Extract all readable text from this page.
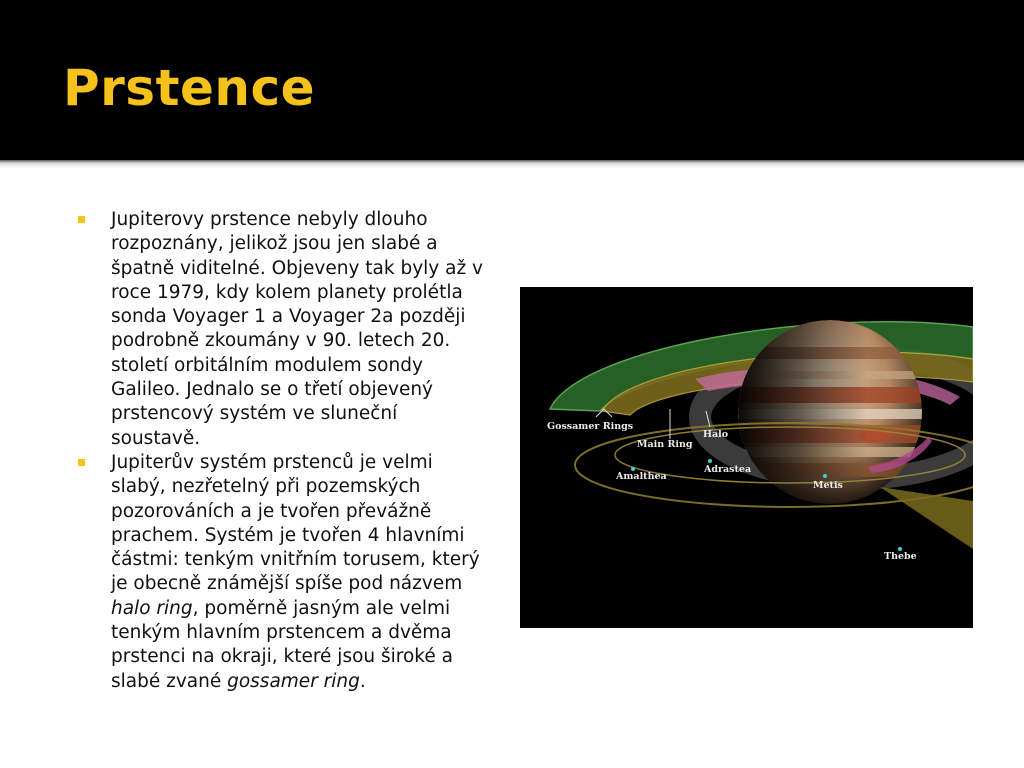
Prstence
Jupiterovy prstence nebyly dlouho rozpoznány, jelikož jsou jen slabé a špatně viditelné. Objeveny tak byly až v roce 1979, kdy kolem planety prolétla sonda Voyager 1 a Voyager 2a později podrobně zkoumány v 90. letech 20. století orbitálním modulem sondy Galileo. Jednalo se o třetí objevený prstencový systém ve sluneční soustavě.
Jupiterův systém prstenců je velmi slabý, nezřetelný při pozemských pozorováních a je tvořen převážně prachem. Systém je tvořen 4 hlavními částmi: tenkým vnitřním torusem, který je obecně známější spíše pod názvem halo ring, poměrně jasným ale velmi tenkým hlavním prstencem a dvěma prstenci na okraji, které jsou široké a slabé zvané gossamer ring.
Gossamer Rings
Main Ring
Halo
Amalthea
Adrastea
Metis
Thebe
